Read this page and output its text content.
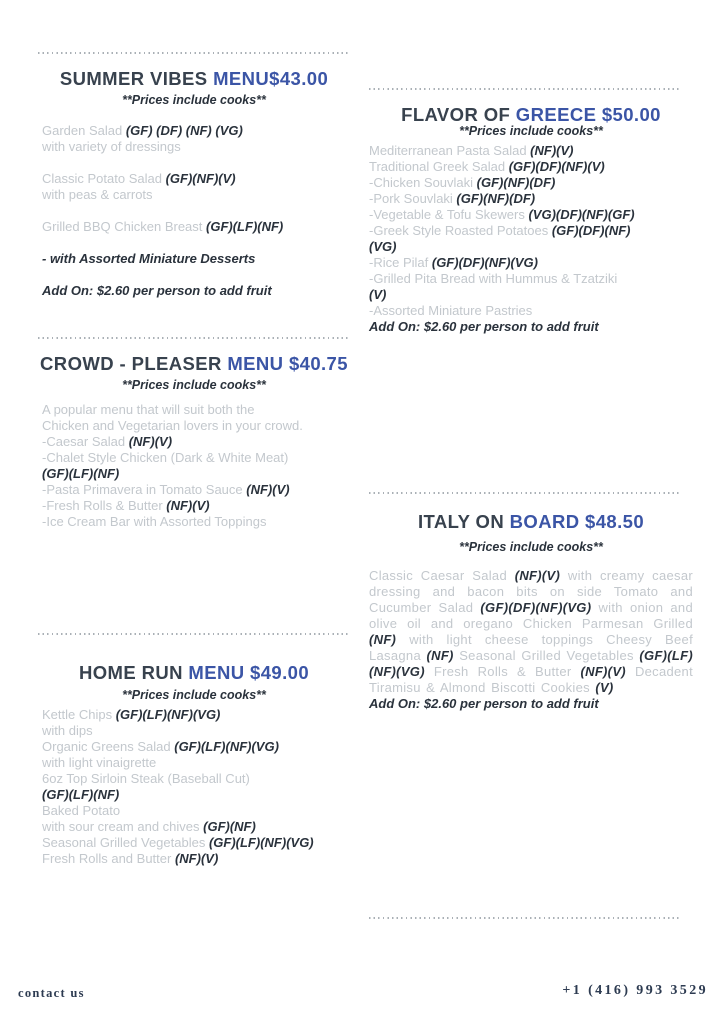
SUMMER VIBES MENU$43.00
**Prices include cooks**
Garden Salad (GF) (DF) (NF) (VG)
with variety of dressings

Classic Potato Salad (GF)(NF)(V)
with peas & carrots

Grilled BBQ Chicken Breast (GF)(LF)(NF)

- with Assorted Miniature Desserts

Add On: $2.60 per person to add fruit
FLAVOR OF GREECE $50.00
**Prices include cooks**
Mediterranean Pasta Salad (NF)(V)
Traditional Greek Salad (GF)(DF)(NF)(V)
-Chicken Souvlaki (GF)(NF)(DF)
-Pork Souvlaki (GF)(NF)(DF)
-Vegetable & Tofu Skewers (VG)(DF)(NF)(GF)
-Greek Style Roasted Potatoes (GF)(DF)(NF)
(VG)
-Rice Pilaf (GF)(DF)(NF)(VG)
-Grilled Pita Bread with Hummus & Tzatziki
(V)
-Assorted Miniature Pastries
Add On: $2.60 per person to add fruit
CROWD - PLEASER MENU $40.75
**Prices include cooks**
A popular menu that will suit both the
Chicken and Vegetarian lovers in your crowd.
-Caesar Salad (NF)(V)
-Chalet Style Chicken (Dark & White Meat)
(GF)(LF)(NF)
-Pasta Primavera in Tomato Sauce (NF)(V)
-Fresh Rolls & Butter (NF)(V)
-Ice Cream Bar with Assorted Toppings	ITALY ON BOARD $48.50
**Prices include cooks**
Classic Caesar Salad (NF)(V) with creamy caesar dressing and bacon bits on side Tomato and Cucumber Salad (GF)(DF)(NF)(VG) with onion and olive oil and oregano Chicken Parmesan Grilled (NF) with light cheese toppings Cheesy Beef Lasagna (NF) Seasonal Grilled Vegetables (GF)(LF)(NF)(VG) Fresh Rolls & Butter (NF)(V) Decadent Tiramisu & Almond Biscotti Cookies (V)
Add On: $2.60 per person to add fruit
HOME RUN MENU $49.00
**Prices include cooks**
Kettle Chips (GF)(LF)(NF)(VG)
with dips
Organic Greens Salad (GF)(LF)(NF)(VG)
with light vinaigrette
6oz Top Sirloin Steak (Baseball Cut)
(GF)(LF)(NF)
Baked Potato
with sour cream and chives (GF)(NF)
Seasonal Grilled Vegetables (GF)(LF)(NF)(VG)
Fresh Rolls and Butter (NF)(V)
contact us	+1 (416) 993 3529
